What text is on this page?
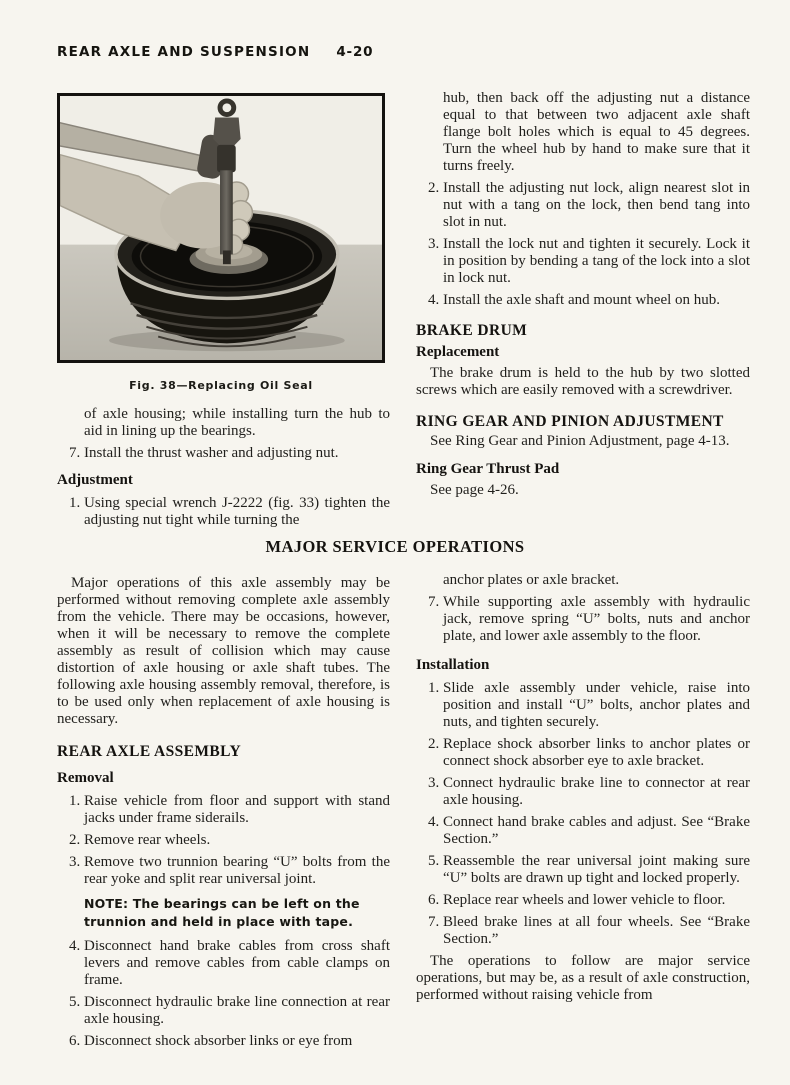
REAR AXLE AND SUSPENSION 4-20
Fig. 38—Replacing Oil Seal

of axle housing; while installing turn the hub to aid in lining up the bearings.

7. Install the thrust washer and adjusting nut.
Adjustment
1. Using special wrench J-2222 (fig. 33) tighten the adjusting nut tight while turning the

hub, then back off the adjusting nut a distance equal to that between two adjacent axle shaft flange bolt holes which is equal to 45 degrees. Turn the wheel hub by hand to make sure that it turns freely.

2. Install the adjusting nut lock, align nearest slot in nut with a tang on the lock, then bend tang into slot in nut.
3. Install the lock nut and tighten it securely. Lock it in position by bending a tang of the lock into a slot in lock nut.
4. Install the axle shaft and mount wheel on hub.
BRAKE DRUM
Replacement

The brake drum is held to the hub by two slotted screws which are easily removed with a screwdriver.

RING GEAR AND PINION ADJUSTMENT

See Ring Gear and Pinion Adjustment, page 4-13.

Ring Gear Thrust Pad

See page 4-26.

MAJOR SERVICE OPERATIONS

Major operations of this axle assembly may be performed without removing complete axle assembly from the vehicle. There may be occasions, however, when it will be necessary to remove the complete assembly as result of collision which may cause distortion of axle housing or axle shaft tubes. The following axle housing assembly removal, therefore, is to be used only when replacement of axle housing is necessary.

REAR AXLE ASSEMBLY
Removal
1. Raise vehicle from floor and support with stand jacks under frame siderails.
2. Remove rear wheels.
3. Remove two trunnion bearing “U” bolts from the rear yoke and split rear universal joint.

NOTE: The bearings can be left on the trunnion and held in place with tape.

4. Disconnect hand brake cables from cross shaft levers and remove cables from cable clamps on frame.
5. Disconnect hydraulic brake line connection at rear axle housing.
6. Disconnect shock absorber links or eye from

anchor plates or axle bracket.

7. While supporting axle assembly with hydraulic jack, remove spring “U” bolts, nuts and anchor plate, and lower axle assembly to the floor.
Installation
1. Slide axle assembly under vehicle, raise into position and install “U” bolts, anchor plates and nuts, and tighten securely.
2. Replace shock absorber links to anchor plates or connect shock absorber eye to axle bracket.
3. Connect hydraulic brake line to connector at rear axle housing.
4. Connect hand brake cables and adjust. See “Brake Section.”
5. Reassemble the rear universal joint making sure “U” bolts are drawn up tight and locked properly.
6. Replace rear wheels and lower vehicle to floor.
7. Bleed brake lines at all four wheels. See “Brake Section.”

The operations to follow are major service operations, but may be, as a result of axle construction, performed without raising vehicle from
